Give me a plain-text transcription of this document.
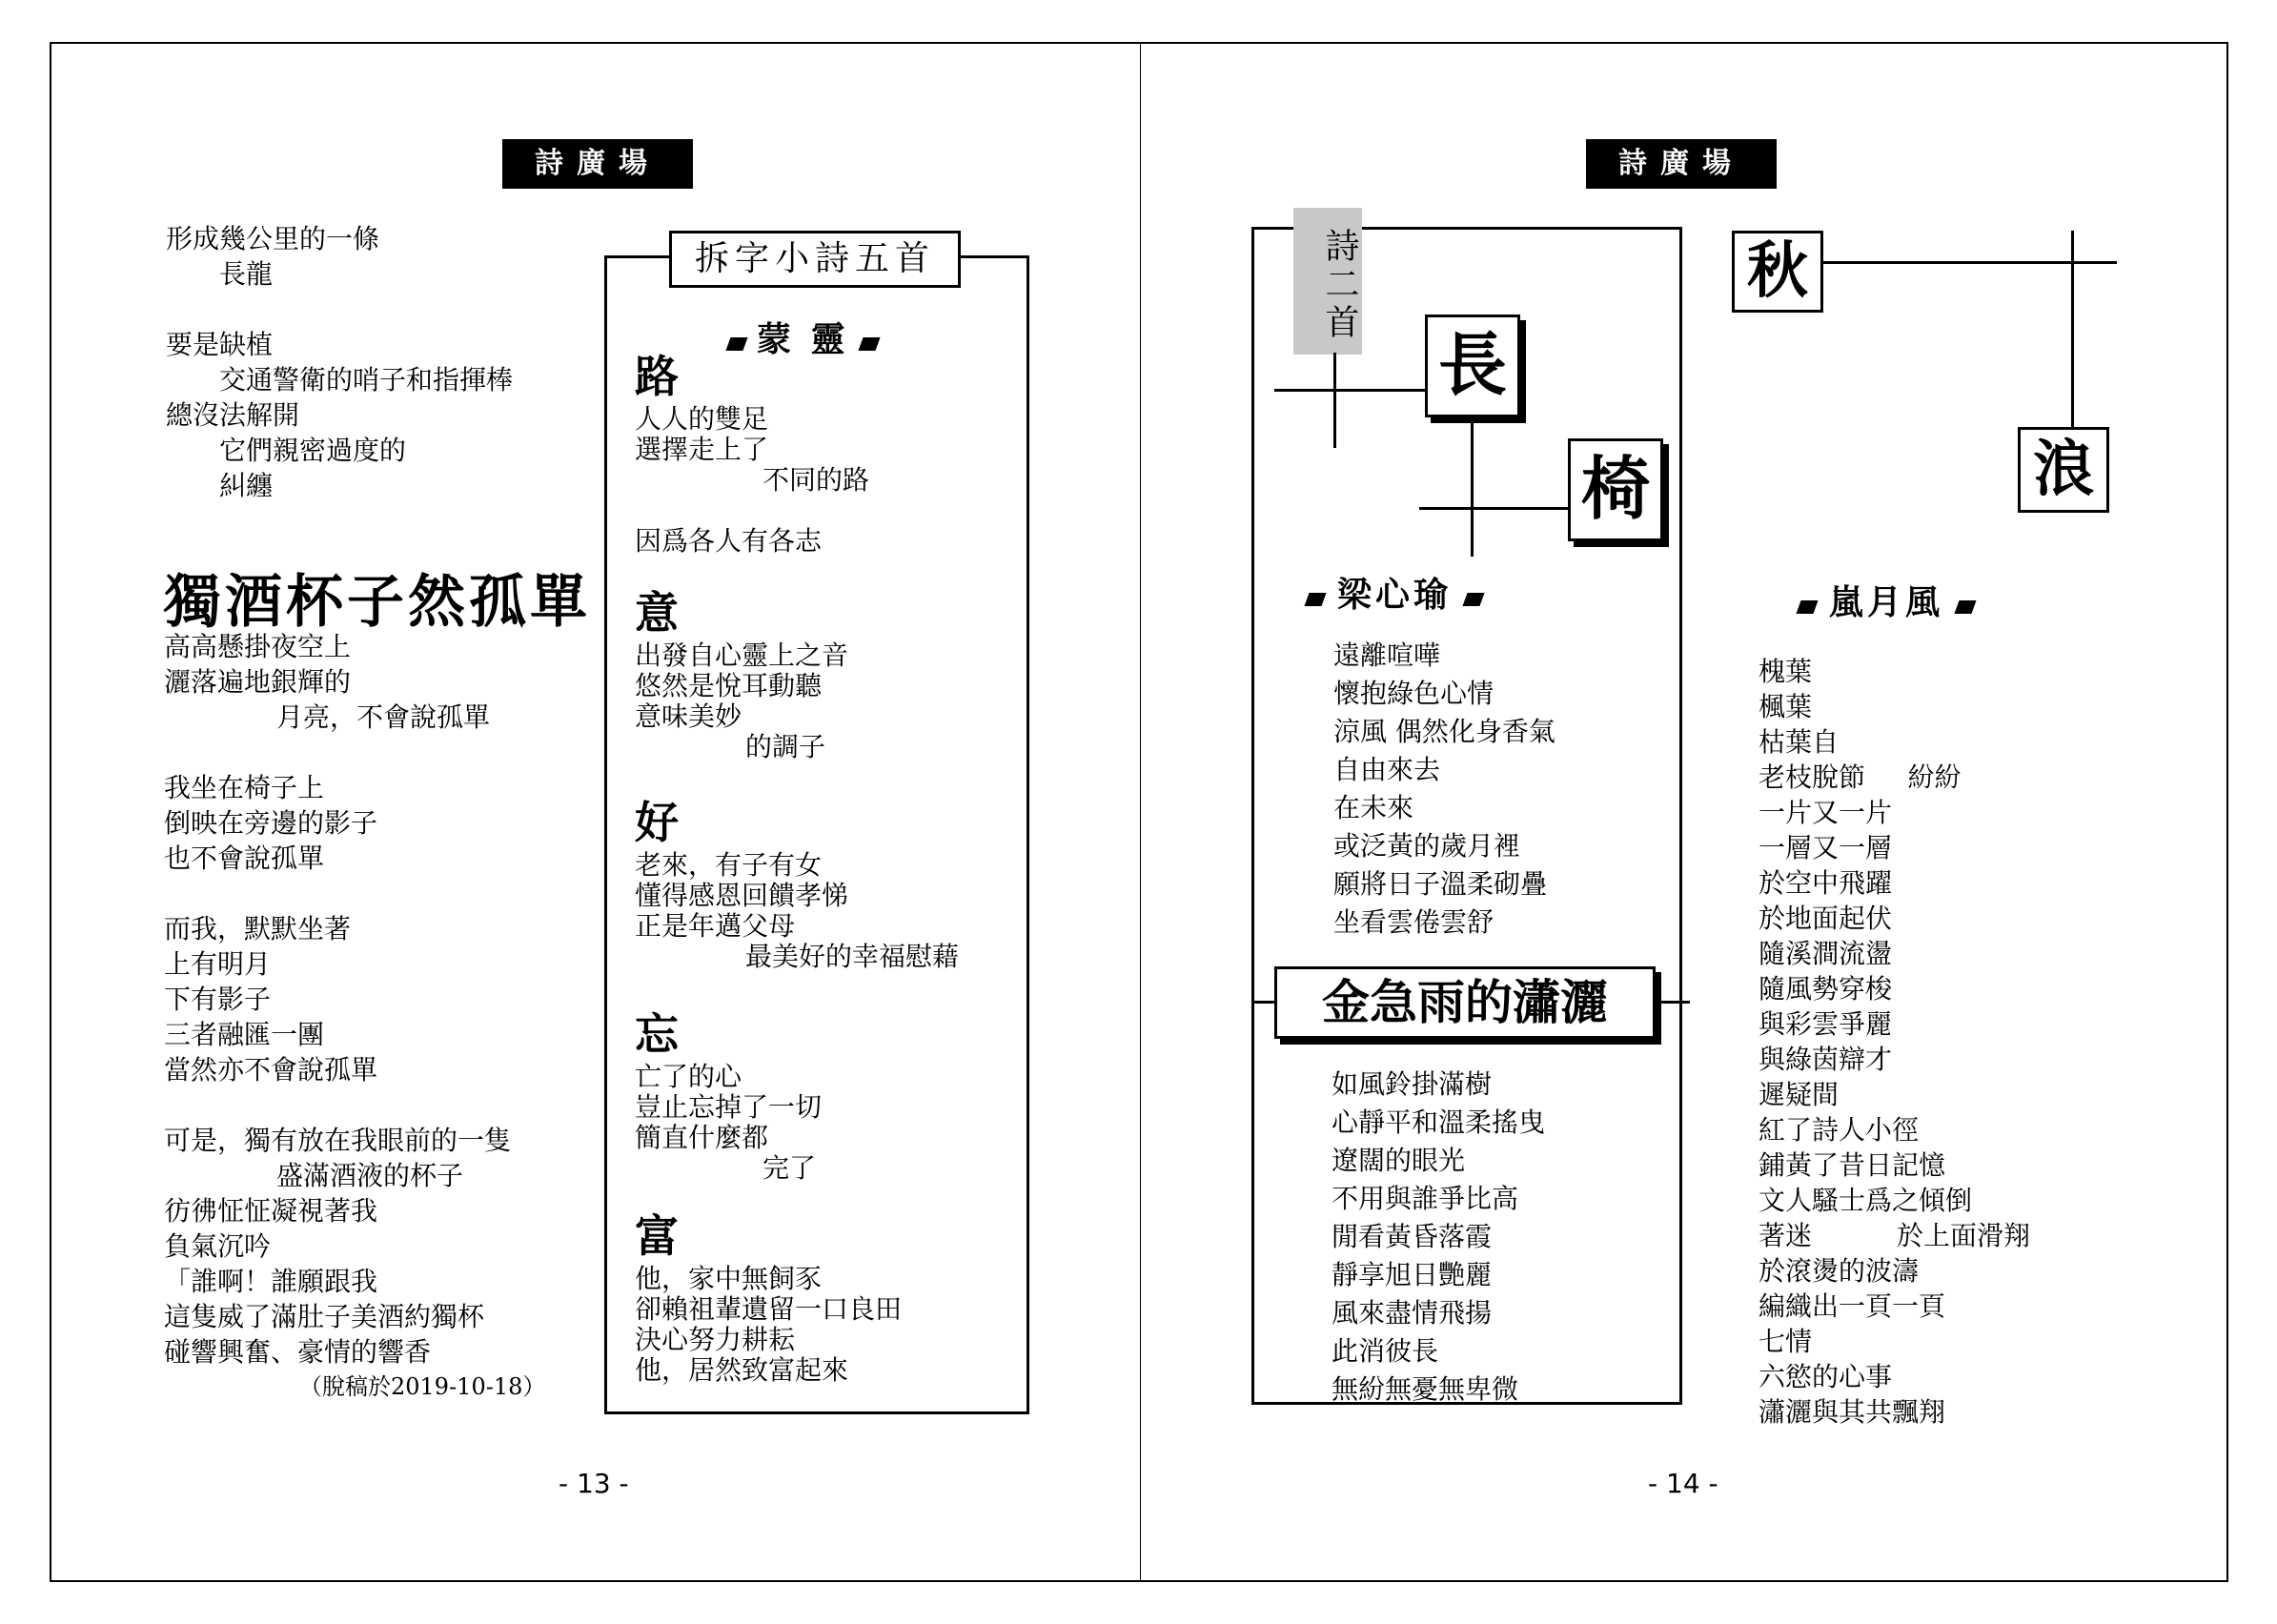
詩廣場
形成幾公里的一條
長龍
要是缺植
交通警衛的哨子和指揮棒
總沒法解開
它們親密過度的
糾纏
獨酒杯子然孤單
高高懸掛夜空上
灑落遍地銀輝的
月亮，不會說孤單
我坐在椅子上
倒映在旁邊的影子
也不會說孤單
而我，默默坐著
上有明月
下有影子
三者融匯一團
當然亦不會說孤單
可是，獨有放在我眼前的一隻
盛滿酒液的杯子
彷彿怔怔凝視著我
負氣沉吟
「誰啊！誰願跟我
這隻威了滿肚子美酒約獨杯
碰響興奮、豪情的響香
（脫稿於2019-10-18）
拆字小詩五首
蒙 靈
路
人人的雙足
選擇走上了
不同的路
因爲各人有各志
意
出發自心靈上之音
悠然是悅耳動聽
意味美妙
的調子
好
老來，有子有女
懂得感恩回饋孝悌
正是年邁父母
最美好的幸福慰藉
忘
亡了的心
豈止忘掉了一切
簡直什麼都
完了
富
他，家中無飼豕
卻賴祖輩遺留一口良田
決心努力耕耘
他，居然致富起來
- 13 -
詩廣場
詩二首
長
椅
梁心瑜
遠離喧嘩
懷抱綠色心情
涼風 偶然化身香氣
自由來去
在未來
或泛黃的歲月裡
願將日子溫柔砌疊
坐看雲倦雲舒
金急雨的瀟灑
如風鈴掛滿樹
心靜平和溫柔搖曳
遼闊的眼光
不用與誰爭比高
閒看黃昏落霞
靜享旭日艷麗
風來盡情飛揚
此消彼長
無紛無憂無卑微
秋
浪
嵐月風
槐葉
楓葉
枯葉自
老枝脫節     紛紛
一片又一片
一層又一層
於空中飛躍
於地面起伏
隨溪澗流盪
隨風勢穿梭
與彩雲爭麗
與綠茵辯才
遲疑間
紅了詩人小徑
鋪黃了昔日記憶
文人騷士爲之傾倒
著迷          於上面滑翔
於滾燙的波濤
編織出一頁一頁
七情
六慾的心事
瀟灑與其共飄翔
- 14 -
